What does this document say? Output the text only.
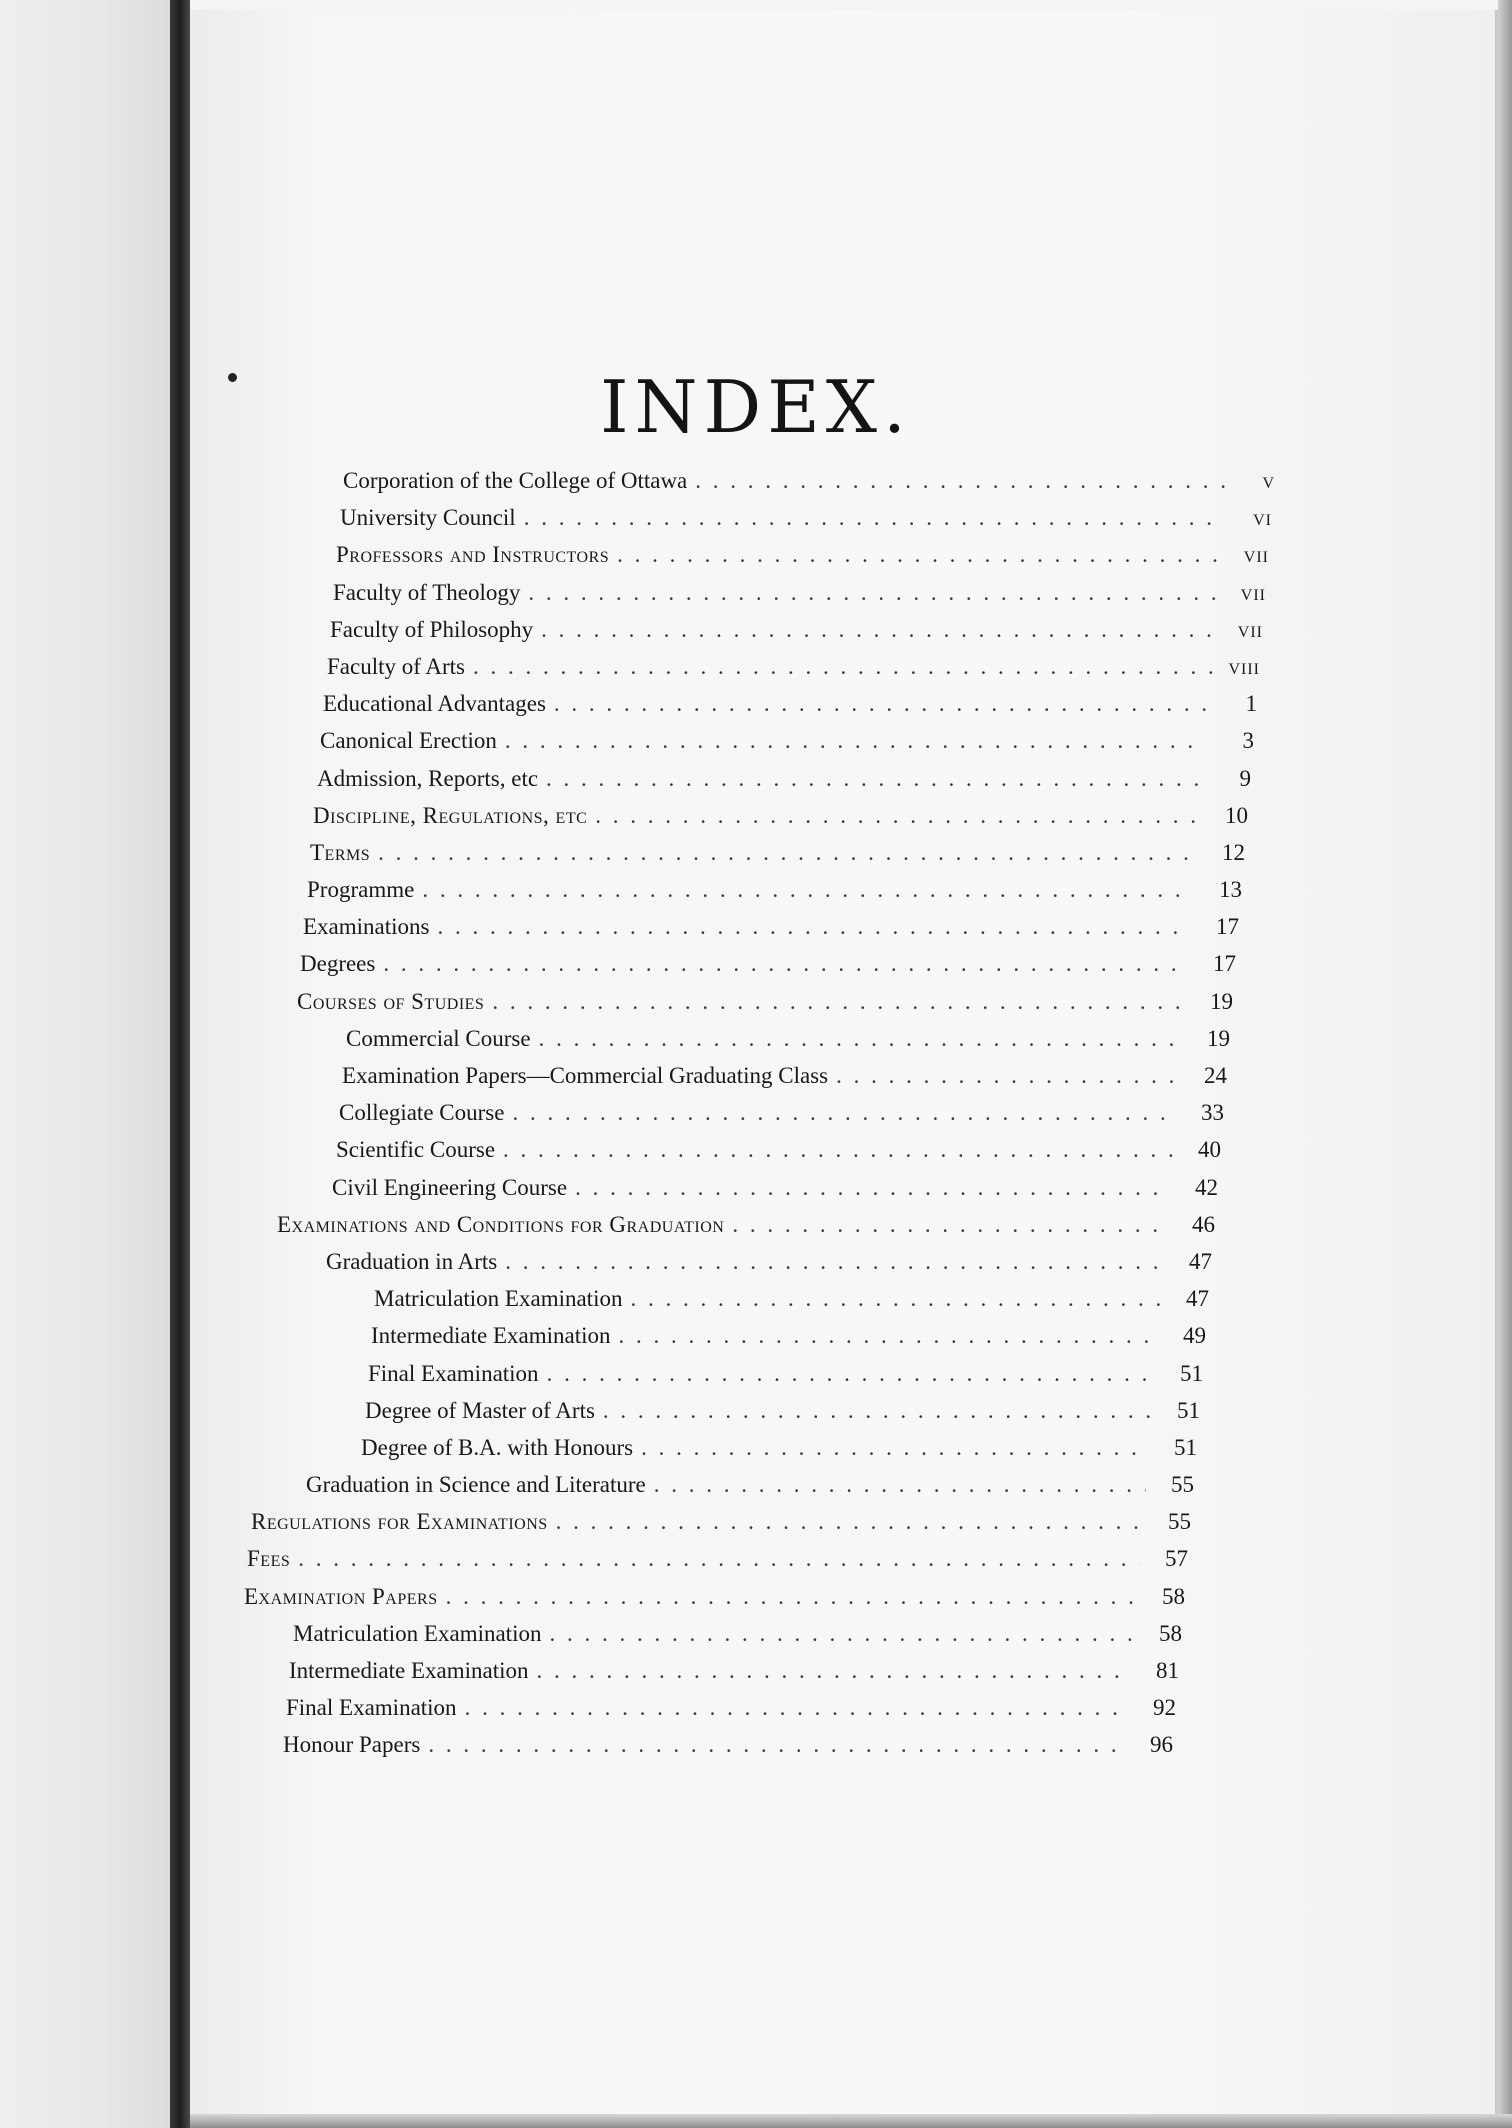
INDEX.
Corporation of the College of Ottawa . . .	v
University Council . . .	vi
Professors and Instructors . . .	vii
Faculty of Theology . . .	vii
Faculty of Philosophy . . .	vii
Faculty of Arts . . .	viii
Educational Advantages . . .	1
Canonical Erection . . .	3
Admission, Reports, etc . . .	9
Discipline, Regulations, etc . . .	10
Terms . . .	12
Programme . . .	13
Examinations . . .	17
Degrees . . .	17
Courses of Studies . . .	19
Commercial Course . . .	19
Examination Papers—Commercial Graduating Class . . .	24
Collegiate Course . . .	33
Scientific Course . . .	40
Civil Engineering Course . . .	42
Examinations and Conditions for Graduation . . .	46
Graduation in Arts . . .	47
Matriculation Examination . . .	47
Intermediate Examination . . .	49
Final Examination . . .	51
Degree of Master of Arts . . .	51
Degree of B.A. with Honours . . .	51
Graduation in Science and Literature . . .	55
Regulations for Examinations . . .	55
Fees . . .	57
Examination Papers . . .	58
Matriculation Examination . . .	58
Intermediate Examination . . .	81
Final Examination . . .	92
Honour Papers . . .	96
